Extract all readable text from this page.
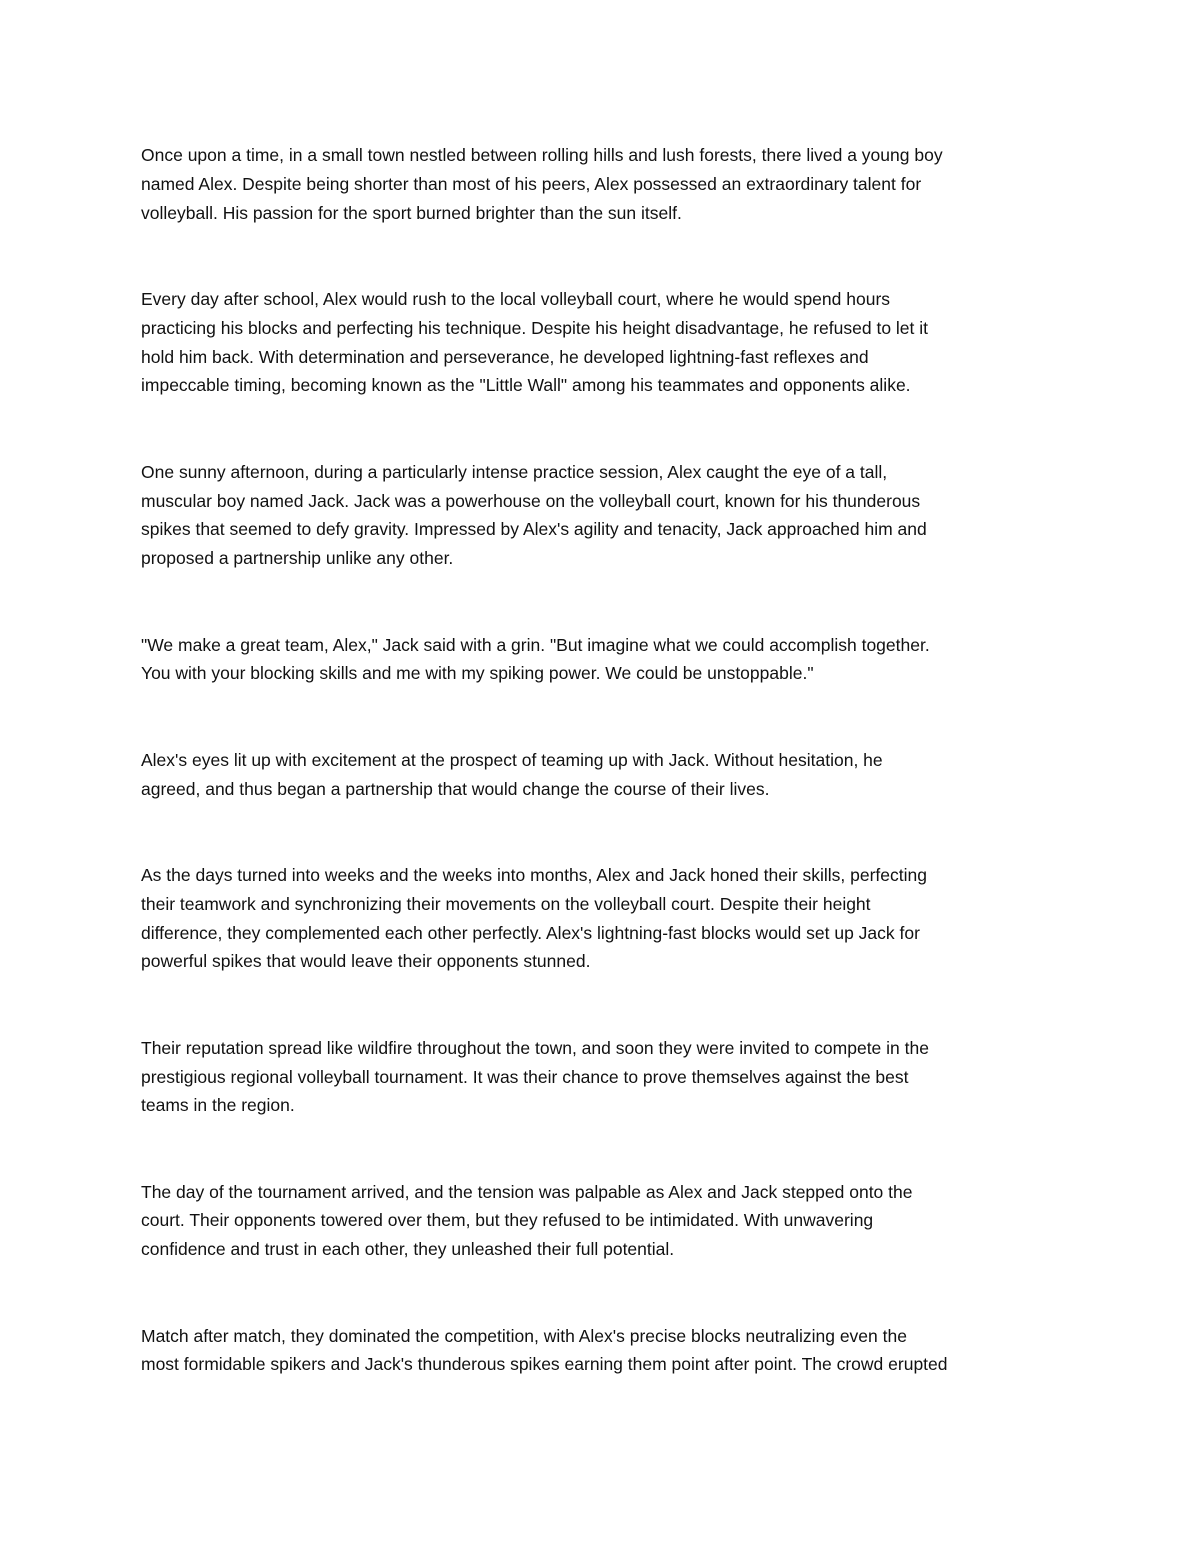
Once upon a time, in a small town nestled between rolling hills and lush forests, there lived a young boy
named Alex. Despite being shorter than most of his peers, Alex possessed an extraordinary talent for
volleyball. His passion for the sport burned brighter than the sun itself.

Every day after school, Alex would rush to the local volleyball court, where he would spend hours
practicing his blocks and perfecting his technique. Despite his height disadvantage, he refused to let it
hold him back. With determination and perseverance, he developed lightning-fast reflexes and
impeccable timing, becoming known as the "Little Wall" among his teammates and opponents alike.

One sunny afternoon, during a particularly intense practice session, Alex caught the eye of a tall,
muscular boy named Jack. Jack was a powerhouse on the volleyball court, known for his thunderous
spikes that seemed to defy gravity. Impressed by Alex's agility and tenacity, Jack approached him and
proposed a partnership unlike any other.

"We make a great team, Alex," Jack said with a grin. "But imagine what we could accomplish together.
You with your blocking skills and me with my spiking power. We could be unstoppable."

Alex's eyes lit up with excitement at the prospect of teaming up with Jack. Without hesitation, he
agreed, and thus began a partnership that would change the course of their lives.

As the days turned into weeks and the weeks into months, Alex and Jack honed their skills, perfecting
their teamwork and synchronizing their movements on the volleyball court. Despite their height
difference, they complemented each other perfectly. Alex's lightning-fast blocks would set up Jack for
powerful spikes that would leave their opponents stunned.

Their reputation spread like wildfire throughout the town, and soon they were invited to compete in the
prestigious regional volleyball tournament. It was their chance to prove themselves against the best
teams in the region.

The day of the tournament arrived, and the tension was palpable as Alex and Jack stepped onto the
court. Their opponents towered over them, but they refused to be intimidated. With unwavering
confidence and trust in each other, they unleashed their full potential.

Match after match, they dominated the competition, with Alex's precise blocks neutralizing even the
most formidable spikers and Jack's thunderous spikes earning them point after point. The crowd erupted
